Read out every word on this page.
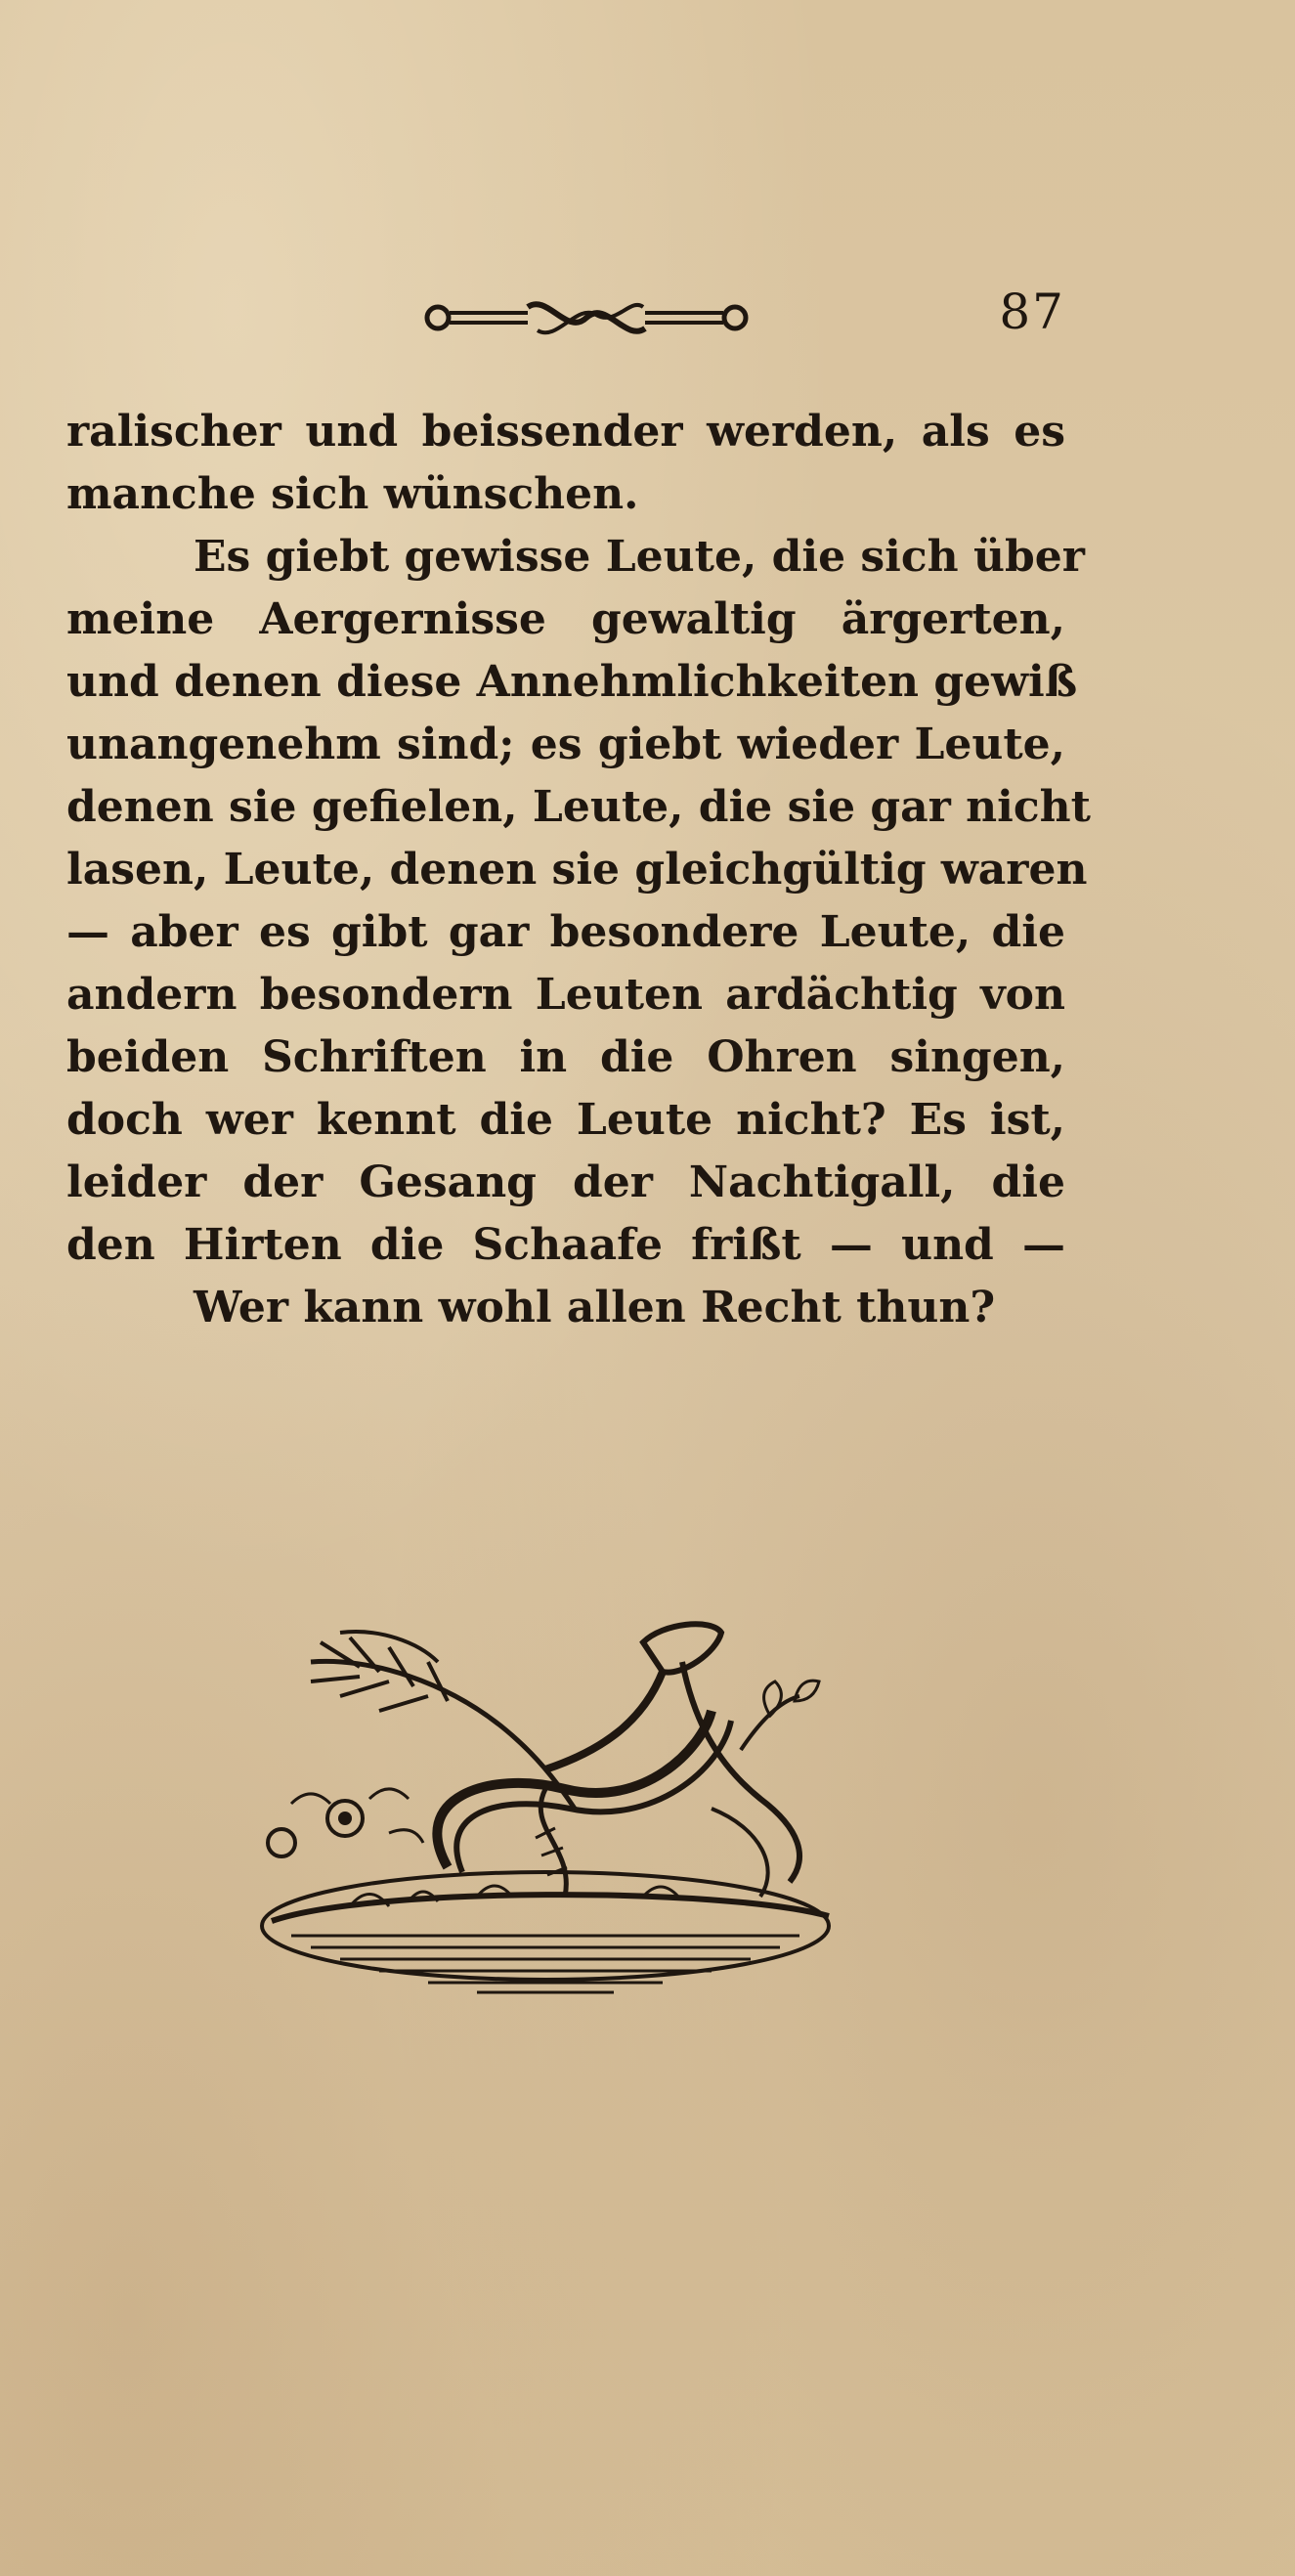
87
ralischer und beissender werden, als es
manche sich wünschen.
Es giebt gewisse Leute, die sich über
meine Aergernisse gewaltig ärgerten,
und denen diese Annehmlichkeiten gewiß
unangenehm sind; es giebt wieder Leute,
denen sie gefielen, Leute, die sie gar nicht
lasen, Leute, denen sie gleichgültig waren
— aber es gibt gar besondere Leute, die
andern besondern Leuten ardächtig von
beiden Schriften in die Ohren singen,
doch wer kennt die Leute nicht? Es ist,
leider der Gesang der Nachtigall, die
den Hirten die Schaafe frißt — und —
Wer kann wohl allen Recht thun?
